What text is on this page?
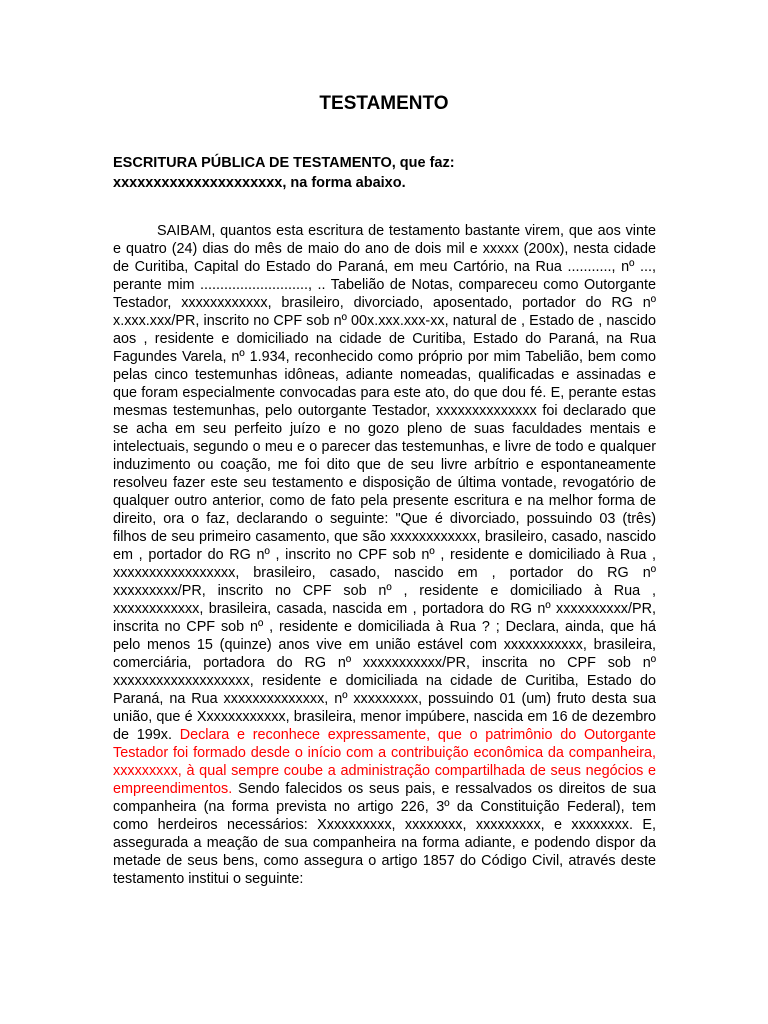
TESTAMENTO
ESCRITURA PÚBLICA DE TESTAMENTO, que faz:
xxxxxxxxxxxxxxxxxxxxx, na forma abaixo.
SAIBAM, quantos esta escritura de testamento bastante virem, que aos vinte e quatro (24) dias do mês de maio do ano de dois mil e xxxxx (200x), nesta cidade de Curitiba, Capital do Estado do Paraná, em meu Cartório, na Rua ..........., nº ..., perante mim ..........................., .. Tabelião de Notas, compareceu como Outorgante Testador, xxxxxxxxxxxx, brasileiro, divorciado, aposentado, portador do RG nº x.xxx.xxx/PR, inscrito no CPF sob nº 00x.xxx.xxx-xx, natural de , Estado de , nascido aos , residente e domiciliado na cidade de Curitiba, Estado do Paraná, na Rua Fagundes Varela, nº 1.934, reconhecido como próprio por mim Tabelião, bem como pelas cinco testemunhas idôneas, adiante nomeadas, qualificadas e assinadas e que foram especialmente convocadas para este ato, do que dou fé. E, perante estas mesmas testemunhas, pelo outorgante Testador, xxxxxxxxxxxxxx foi declarado que se acha em seu perfeito juízo e no gozo pleno de suas faculdades mentais e intelectuais, segundo o meu e o parecer das testemunhas, e livre de todo e qualquer induzimento ou coação, me foi dito que de seu livre arbítrio e espontaneamente resolveu fazer este seu testamento e disposição de última vontade, revogatório de qualquer outro anterior, como de fato pela presente escritura e na melhor forma de direito, ora o faz, declarando o seguinte: "Que é divorciado, possuindo 03 (três) filhos de seu primeiro casamento, que são xxxxxxxxxxxx, brasileiro, casado, nascido em , portador do RG nº , inscrito no CPF sob nº , residente e domiciliado à Rua , xxxxxxxxxxxxxxxxx, brasileiro, casado, nascido em , portador do RG nº xxxxxxxxx/PR, inscrito no CPF sob nº , residente e domiciliado à Rua , xxxxxxxxxxxx, brasileira, casada, nascida em , portadora do RG nº xxxxxxxxxx/PR, inscrita no CPF sob nº , residente e domiciliada à Rua ? ; Declara, ainda, que há pelo menos 15 (quinze) anos vive em união estável com xxxxxxxxxxx, brasileira, comerciária, portadora do RG nº xxxxxxxxxxx/PR, inscrita no CPF sob nº xxxxxxxxxxxxxxxxxxx, residente e domiciliada na cidade de Curitiba, Estado do Paraná, na Rua xxxxxxxxxxxxxx, nº xxxxxxxxx, possuindo 01 (um) fruto desta sua união, que é Xxxxxxxxxxxx, brasileira, menor impúbere, nascida em 16 de dezembro de 199x. Declara e reconhece expressamente, que o patrimônio do Outorgante Testador foi formado desde o início com a contribuição econômica da companheira, xxxxxxxxx, à qual sempre coube a administração compartilhada de seus negócios e empreendimentos. Sendo falecidos os seus pais, e ressalvados os direitos de sua companheira (na forma prevista no artigo 226, 3º da Constituição Federal), tem como herdeiros necessários: Xxxxxxxxxx, xxxxxxxx, xxxxxxxxx, e xxxxxxxx. E, assegurada a meação de sua companheira na forma adiante, e podendo dispor da metade de seus bens, como assegura o artigo 1857 do Código Civil, através deste testamento institui o seguinte:
